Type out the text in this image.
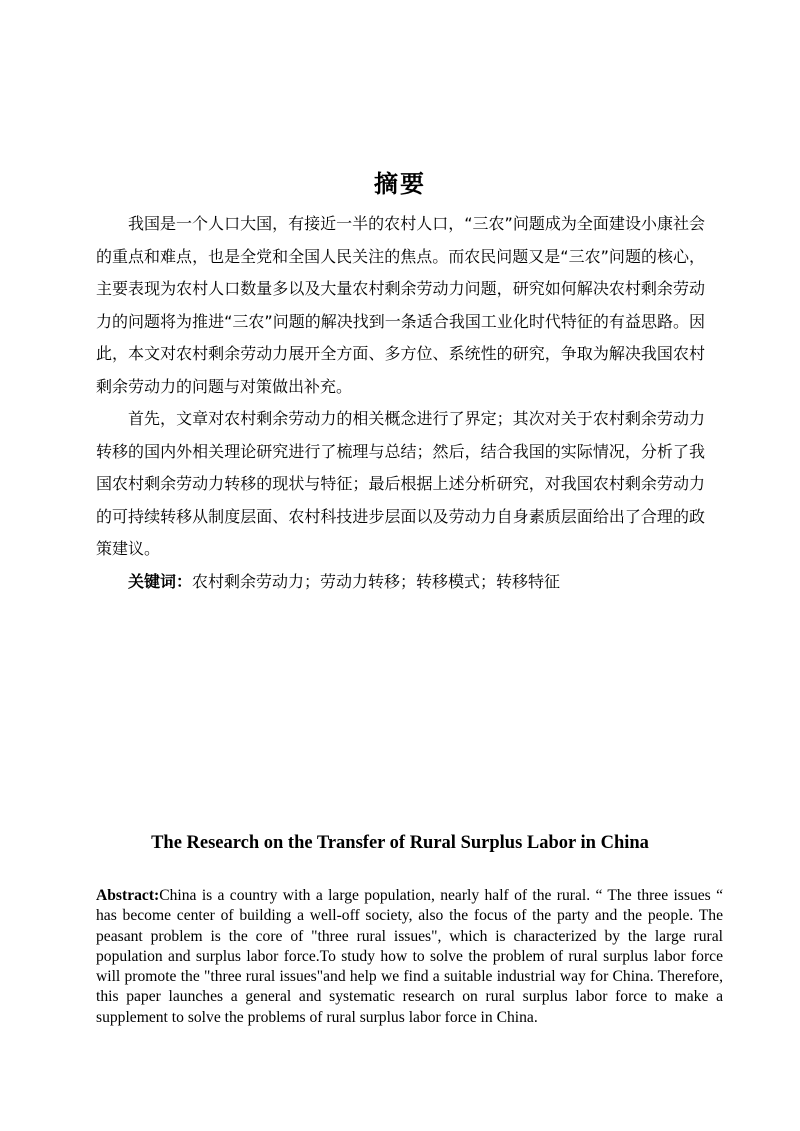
摘要

我国是一个人口大国，有接近一半的农村人口，“三农”问题成为全面建设小康社会的重点和难点，也是全党和全国人民关注的焦点。而农民问题又是“三农”问题的核心，主要表现为农村人口数量多以及大量农村剩余劳动力问题，研究如何解决农村剩余劳动力的问题将为推进“三农”问题的解决找到一条适合我国工业化时代特征的有益思路。因此，本文对农村剩余劳动力展开全方面、多方位、系统性的研究，争取为解决我国农村剩余劳动力的问题与对策做出补充。

首先，文章对农村剩余劳动力的相关概念进行了界定；其次对关于农村剩余劳动力转移的国内外相关理论研究进行了梳理与总结；然后，结合我国的实际情况，分析了我国农村剩余劳动力转移的现状与特征；最后根据上述分析研究，对我国农村剩余劳动力的可持续转移从制度层面、农村科技进步层面以及劳动力自身素质层面给出了合理的政策建议。

关键词：农村剩余劳动力；劳动力转移；转移模式；转移特征

The Research on the Transfer of Rural Surplus Labor in China
Abstract:China is a country with a large population, nearly half of the rural. “ The three issues “ has become center of building a well-off society, also the focus of the party and the people. The peasant problem is the core of "three rural issues", which is characterized by the large rural population and surplus labor force.To study how to solve the problem of rural surplus labor force will promote the "three rural issues"and help we find a suitable industrial way for China. Therefore, this paper launches a general and systematic research on rural surplus labor force to make a supplement to solve the problems of rural surplus labor force in China.
